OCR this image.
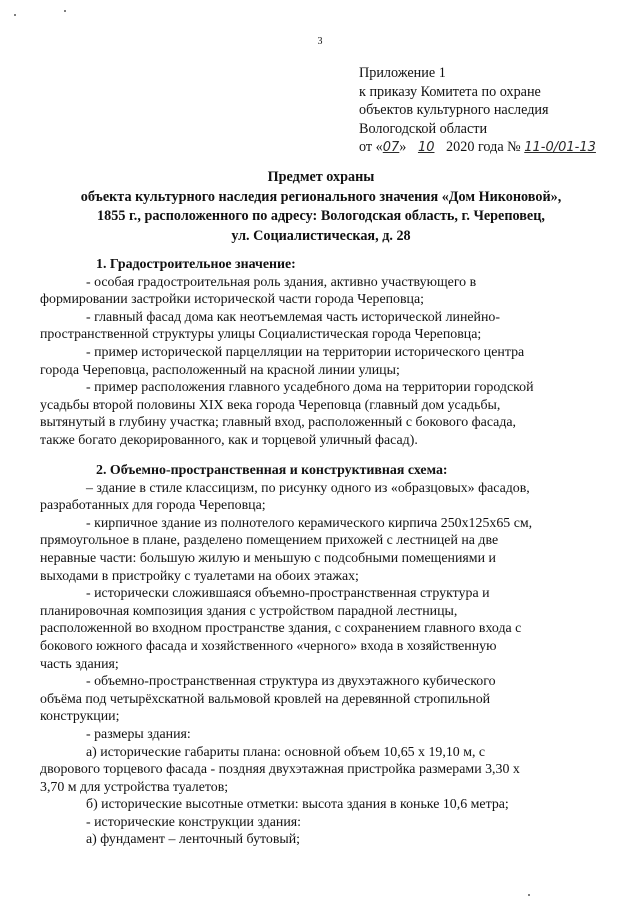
3
Приложение 1
к приказу Комитета по охране
объектов культурного наследия
Вологодской области
от «07» 10 2020 года № 11-0/01-13
Предмет охраны
объекта культурного наследия регионального значения «Дом Никоновой»,
1855 г., расположенного по адресу: Вологодская область, г. Череповец,
ул. Социалистическая, д. 28
1. Градостроительное значение:
- особая градостроительная роль здания, активно участвующего в
формировании застройки исторической части города Череповца;
- главный фасад дома как неотъемлемая часть исторической линейно-
пространственной структуры улицы Социалистическая города Череповца;
- пример исторической парцелляции на территории исторического центра
города Череповца, расположенный на красной линии улицы;
- пример расположения главного усадебного дома на территории городской
усадьбы второй половины XIX века города Череповца (главный дом усадьбы,
вытянутый в глубину участка; главный вход, расположенный с бокового фасада,
также богато декорированного, как и торцевой уличный фасад).
2. Объемно-пространственная и конструктивная схема:
– здание в стиле классицизм, по рисунку одного из «образцовых» фасадов,
разработанных для города Череповца;
- кирпичное здание из полнотелого керамического кирпича 250х125х65 см,
прямоугольное в плане, разделено помещением прихожей с лестницей на две
неравные части: большую жилую и меньшую с подсобными помещениями и
выходами в пристройку с туалетами на обоих этажах;
- исторически сложившаяся объемно-пространственная структура и
планировочная композиция здания с устройством парадной лестницы,
расположенной во входном пространстве здания, с сохранением главного входа с
бокового южного фасада и хозяйственного «черного» входа в хозяйственную
часть здания;
- объемно-пространственная структура из двухэтажного кубического
объёма под четырёхскатной вальмовой кровлей на деревянной стропильной
конструкции;
- размеры здания:
а) исторические габариты плана: основной объем 10,65 х 19,10 м, с
дворового торцевого фасада - поздняя двухэтажная пристройка размерами 3,30 х
3,70 м для устройства туалетов;
б) исторические высотные отметки: высота здания в коньке 10,6 метра;
- исторические конструкции здания:
а) фундамент – ленточный бутовый;
